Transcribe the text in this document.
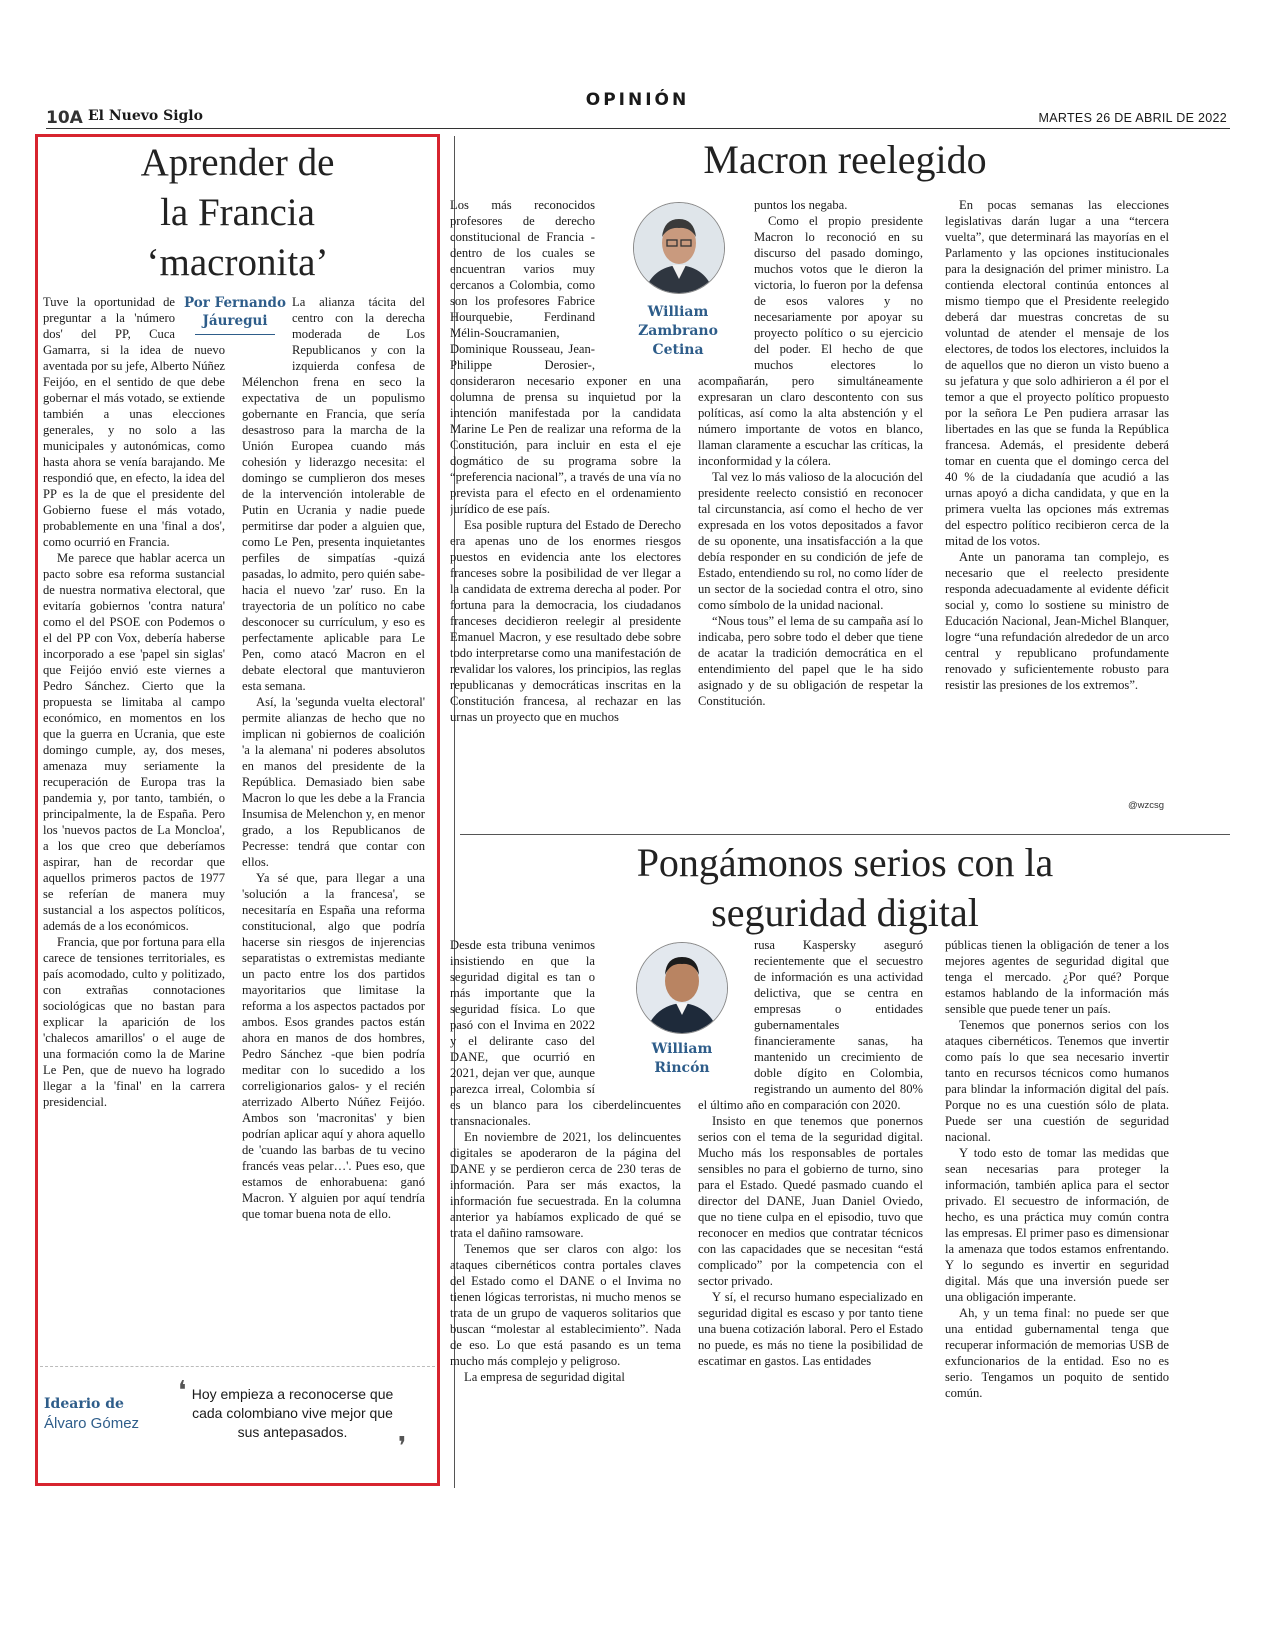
OPINIÓN
10A El Nuevo Siglo	MARTES 26 DE ABRIL DE 2022
Aprender de
la Francia
‘macronita’
Por Fernando Jáuregui

Tuve la oportunidad de preguntar a la 'número dos' del PP, Cuca Gamarra, si la idea de nuevo aventada por su jefe, Alberto Núñez Feijóo, en el sentido de que debe gobernar el más votado, se extiende también a unas elecciones generales, y no solo a las municipales y autonómicas, como hasta ahora se venía barajando. Me respondió que, en efecto, la idea del PP es la de que el presidente del Gobierno fuese el más votado, probablemente en una 'final a dos', como ocurrió en Francia.

Me parece que hablar acerca un pacto sobre esa reforma sustancial de nuestra normativa electoral, que evitaría gobiernos 'contra natura' como el del PSOE con Podemos o el del PP con Vox, debería haberse incorporado a ese 'papel sin siglas' que Feijóo envió este viernes a Pedro Sánchez. Cierto que la propuesta se limitaba al campo económico, en momentos en los que la guerra en Ucrania, que este domingo cumple, ay, dos meses, amenaza muy seriamente la recuperación de Europa tras la pandemia y, por tanto, también, o principalmente, la de España. Pero los 'nuevos pactos de La Moncloa', a los que creo que deberíamos aspirar, han de recordar que aquellos primeros pactos de 1977 se referían de manera muy sustancial a los aspectos políticos, además de a los económicos.

Francia, que por fortuna para ella carece de tensiones territoriales, es país acomodado, culto y politizado, con extrañas connotaciones sociológicas que no bastan para explicar la aparición de los 'chalecos amarillos' o el auge de una formación como la de Marine Le Pen, que de nuevo ha logrado llegar a la 'final' en la carrera presidencial.

La alianza tácita del centro con la derecha moderada de Los Republicanos y con la izquierda confesa de Mélenchon frena en seco la expectativa de un populismo gobernante en Francia, que sería desastroso para la marcha de la Unión Europea cuando más cohesión y liderazgo necesita: el domingo se cumplieron dos meses de la intervención intolerable de Putin en Ucrania y nadie puede permitirse dar poder a alguien que, como Le Pen, presenta inquietantes perfiles de simpatías -quizá pasadas, lo admito, pero quién sabe- hacia el nuevo 'zar' ruso. En la trayectoria de un político no cabe desconocer su currículum, y eso es perfectamente aplicable para Le Pen, como atacó Macron en el debate electoral que mantuvieron esta semana.

Así, la 'segunda vuelta electoral' permite alianzas de hecho que no implican ni gobiernos de coalición 'a la alemana' ni poderes absolutos en manos del presidente de la República. Demasiado bien sabe Macron lo que les debe a la Francia Insumisa de Melenchon y, en menor grado, a los Republicanos de Pecresse: tendrá que contar con ellos.

Ya sé que, para llegar a una 'solución a la francesa', se necesitaría en España una reforma constitucional, algo que podría hacerse sin riesgos de injerencias separatistas o extremistas mediante un pacto entre los dos partidos mayoritarios que limitase la reforma a los aspectos pactados por ambos. Esos grandes pactos están ahora en manos de dos hombres, Pedro Sánchez -que bien podría meditar con lo sucedido a los correligionarios galos- y el recién aterrizado Alberto Núñez Feijóo. Ambos son 'macronitas' y bien podrían aplicar aquí y ahora aquello de 'cuando las barbas de tu vecino francés veas pelar…'. Pues eso, que estamos de enhorabuena: ganó Macron. Y alguien por aquí tendría que tomar buena nota de ello.

Ideario de
Álvaro Gómez
❛ Hoy empieza a reconocerse que cada colombiano vive mejor que sus antepasados.	❜
Macron reelegido
William
Zambrano
Cetina

Los más reconocidos profesores de derecho constitucional de Francia -dentro de los cuales se encuentran varios muy cercanos a Colombia, como son los profesores Fabrice Hourquebie, Ferdinand Mélin-Soucramanien, Dominique Rousseau, Jean-Philippe Derosier-, consideraron necesario exponer en una columna de prensa su inquietud por la intención manifestada por la candidata Marine Le Pen de realizar una reforma de la Constitución, para incluir en esta el eje dogmático de su programa sobre la “preferencia nacional”, a través de una vía no prevista para el efecto en el ordenamiento jurídico de ese país.

Esa posible ruptura del Estado de Derecho era apenas uno de los enormes riesgos puestos en evidencia ante los electores franceses sobre la posibilidad de ver llegar a la candidata de extrema derecha al poder. Por fortuna para la democracia, los ciudadanos franceses decidieron reelegir al presidente Emanuel Macron, y ese resultado debe sobre todo interpretarse como una manifestación de revalidar los valores, los principios, las reglas republicanas y democráticas inscritas en la Constitución francesa, al rechazar en las urnas un proyecto que en muchos

puntos los negaba.

Como el propio presidente Macron lo reconoció en su discurso del pasado domingo, muchos votos que le dieron la victoria, lo fueron por la defensa de esos valores y no necesariamente por apoyar su proyecto político o su ejercicio del poder. El hecho de que muchos electores lo acompañarán, pero simultáneamente expresaran un claro descontento con sus políticas, así como la alta abstención y el número importante de votos en blanco, llaman claramente a escuchar las críticas, la inconformidad y la cólera.

Tal vez lo más valioso de la alocución del presidente reelecto consistió en reconocer tal circunstancia, así como el hecho de ver expresada en los votos depositados a favor de su oponente, una insatisfacción a la que debía responder en su condición de jefe de Estado, entendiendo su rol, no como líder de un sector de la sociedad contra el otro, sino como símbolo de la unidad nacional.

“Nous tous” el lema de su campaña así lo indicaba, pero sobre todo el deber que tiene de acatar la tradición democrática en el entendimiento del papel que le ha sido asignado y de su obligación de respetar la Constitución.

En pocas semanas las elecciones legislativas darán lugar a una “tercera vuelta”, que determinará las mayorías en el Parlamento y las opciones institucionales para la designación del primer ministro. La contienda electoral continúa entonces al mismo tiempo que el Presidente reelegido deberá dar muestras concretas de su voluntad de atender el mensaje de los electores, de todos los electores, incluidos la de aquellos que no dieron un visto bueno a su jefatura y que solo adhirieron a él por el temor a que el proyecto político propuesto por la señora Le Pen pudiera arrasar las libertades en las que se funda la República francesa. Además, el presidente deberá tomar en cuenta que el domingo cerca del 40 % de la ciudadanía que acudió a las urnas apoyó a dicha candidata, y que en la primera vuelta las opciones más extremas del espectro político recibieron cerca de la mitad de los votos.

Ante un panorama tan complejo, es necesario que el reelecto presidente responda adecuadamente al evidente déficit social y, como lo sostiene su ministro de Educación Nacional, Jean-Michel Blanquer, logre “una refundación alrededor de un arco central y republicano profundamente renovado y suficientemente robusto para resistir las presiones de los extremos”.

@wzcsg
Pongámonos serios con la
seguridad digital
William
Rincón

Desde esta tribuna venimos insistiendo en que la seguridad digital es tan o más importante que la seguridad física. Lo que pasó con el Invima en 2022 y el delirante caso del DANE, que ocurrió en 2021, dejan ver que, aunque parezca irreal, Colombia sí es un blanco para los ciberdelincuentes transnacionales.

En noviembre de 2021, los delincuentes digitales se apoderaron de la página del DANE y se perdieron cerca de 230 teras de información. Para ser más exactos, la información fue secuestrada. En la columna anterior ya habíamos explicado de qué se trata el dañino ramsoware.

Tenemos que ser claros con algo: los ataques cibernéticos contra portales claves del Estado como el DANE o el Invima no tienen lógicas terroristas, ni mucho menos se trata de un grupo de vaqueros solitarios que buscan “molestar al establecimiento”. Nada de eso. Lo que está pasando es un tema mucho más complejo y peligroso.

La empresa de seguridad digital

rusa Kaspersky aseguró recientemente que el secuestro de información es una actividad delictiva, que se centra en empresas o entidades gubernamentales financieramente sanas, ha mantenido un crecimiento de doble dígito en Colombia, registrando un aumento del 80% el último año en comparación con 2020.

Insisto en que tenemos que ponernos serios con el tema de la seguridad digital. Mucho más los responsables de portales sensibles no para el gobierno de turno, sino para el Estado. Quedé pasmado cuando el director del DANE, Juan Daniel Oviedo, que no tiene culpa en el episodio, tuvo que reconocer en medios que contratar técnicos con las capacidades que se necesitan “está complicado” por la competencia con el sector privado.

Y sí, el recurso humano especializado en seguridad digital es escaso y por tanto tiene una buena cotización laboral. Pero el Estado no puede, es más no tiene la posibilidad de escatimar en gastos. Las entidades

públicas tienen la obligación de tener a los mejores agentes de seguridad digital que tenga el mercado. ¿Por qué? Porque estamos hablando de la información más sensible que puede tener un país.

Tenemos que ponernos serios con los ataques cibernéticos. Tenemos que invertir como país lo que sea necesario invertir tanto en recursos técnicos como humanos para blindar la información digital del país. Porque no es una cuestión sólo de plata. Puede ser una cuestión de seguridad nacional.

Y todo esto de tomar las medidas que sean necesarias para proteger la información, también aplica para el sector privado. El secuestro de información, de hecho, es una práctica muy común contra las empresas. El primer paso es dimensionar la amenaza que todos estamos enfrentando. Y lo segundo es invertir en seguridad digital. Más que una inversión puede ser una obligación imperante.

Ah, y un tema final: no puede ser que una entidad gubernamental tenga que recuperar información de memorias USB de exfuncionarios de la entidad. Eso no es serio. Tengamos un poquito de sentido común.
